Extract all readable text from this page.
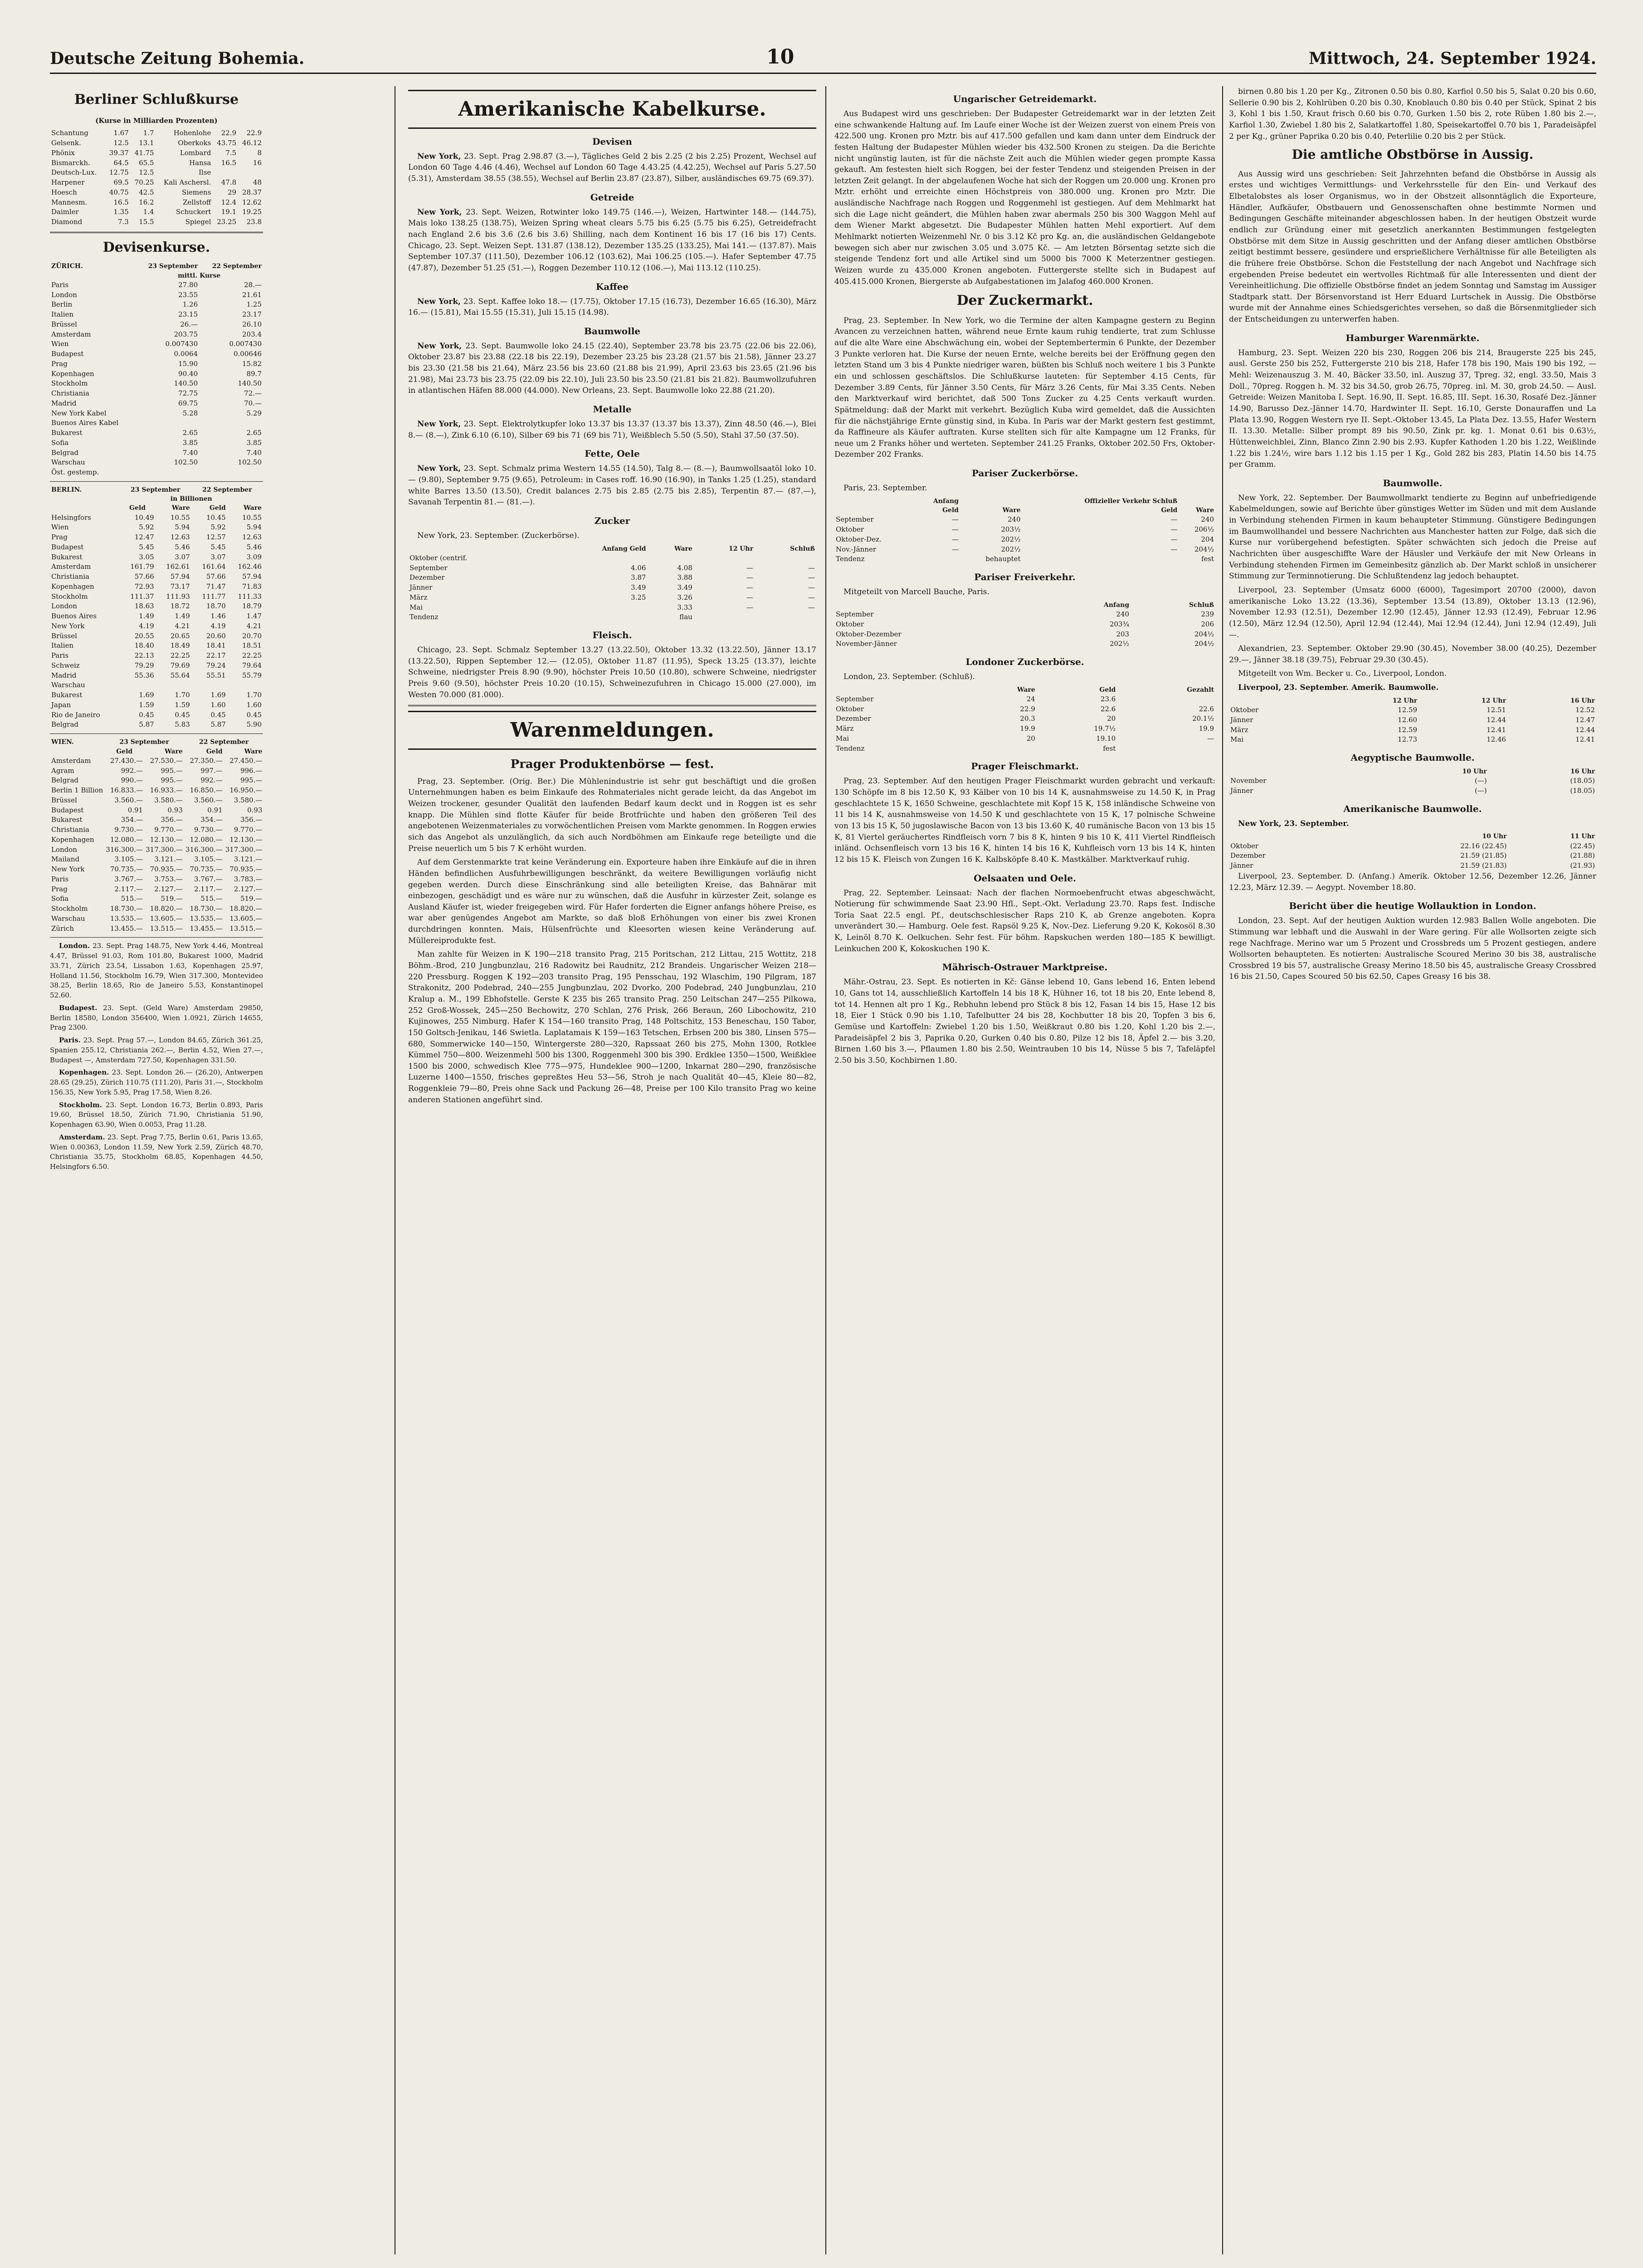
Deutsche Zeitung Bohemia.	10	Mittwoch, 24. September 1924.
Berliner Schlußkurse
(Kurse in Milliarden Prozenten)
Schantung	1.67	1.7	Hohenlohe	22.9	22.9
Gelsenk.	12.5	13.1	Oberkoks	43.75	46.12
Phönix	39.37	41.75	Lombard	7.5	8
Bismarckh.	64.5	65.5	Hansa	16.5	16
Deutsch-Lux.	12.75	12.5	Ilse		
Harpener	69.5	70.25	Kali Aschersl.	47.8	48
Hoesch	40.75	42.5	Siemens	29	28.37
Mannesm.	16.5	16.2	Zellstoff	12.4	12.62
Daimler	1.35	1.4	Schuckert	19.1	19.25
Diamond	7.3	15.5	Spiegel	23.25	23.8
Devisenkurse.
ZÜRICH.	23 September	22 September
	mittl. Kurse	
Paris	27.80	28.—
London	23.55	21.61
Berlin	1.26	1.25
Italien	23.15	23.17
Brüssel	26.—	26.10
Amsterdam	203.75	203.4
Wien	0.007430	0.007430
Budapest	0.0064	0.00646
Prag	15.90	15.82
Kopenhagen	90.40	89.7
Stockholm	140.50	140.50
Christiania	72.75	72.—
Madrid	69.75	70.—
New York Kabel	5.28	5.29
Buenos Aires Kabel		
Bukarest	2.65	2.65
Sofia	3.85	3.85
Belgrad	7.40	7.40
Warschau	102.50	102.50
Öst. gestemp.		
BERLIN.	23 September		22 September	
	in Billionen			
	Geld	Ware	Geld	Ware
Helsingfors	10.49	10.55	10.45	10.55
Wien	5.92	5.94	5.92	5.94
Prag	12.47	12.63	12.57	12.63
Budapest	5.45	5.46	5.45	5.46
Bukarest	3.05	3.07	3.07	3.09
Amsterdam	161.79	162.61	161.64	162.46
Christiania	57.66	57.94	57.66	57.94
Kopenhagen	72.93	73.17	71.47	71.83
Stockholm	111.37	111.93	111.77	111.33
London	18.63	18.72	18.70	18.79
Buenos Aires	1.49	1.49	1.46	1.47
New York	4.19	4.21	4.19	4.21
Brüssel	20.55	20.65	20.60	20.70
Italien	18.40	18.49	18.41	18.51
Paris	22.13	22.25	22.17	22.25
Schweiz	79.29	79.69	79.24	79.64
Madrid	55.36	55.64	55.51	55.79
Warschau				
Bukarest	1.69	1.70	1.69	1.70
Japan	1.59	1.59	1.60	1.60
Rio de Janeiro	0.45	0.45	0.45	0.45
Belgrad	5.87	5.83	5.87	5.90
WIEN.	23 September		22 September	
	Geld	Ware	Geld	Ware
Amsterdam	27.430.—	27.530.—	27.350.—	27.450.—
Agram	992.—	995.—	997.—	996.—
Belgrad	990.—	995.—	992.—	995.—
Berlin 1 Billion	16.833.—	16.933.—	16.850.—	16.950.—
Brüssel	3.560.—	3.580.—	3.560.—	3.580.—
Budapest	0.91	0.93	0.91	0.93
Bukarest	354.—	356.—	354.—	356.—
Christiania	9.730.—	9.770.—	9.730.—	9.770.—
Kopenhagen	12.080.—	12.130.—	12.080.—	12.130.—
London	316.300.—	317.300.—	316.300.—	317.300.—
Mailand	3.105.—	3.121.—	3.105.—	3.121.—
New York	70.735.—	70.935.—	70.735.—	70.935.—
Paris	3.767.—	3.753.—	3.767.—	3.783.—
Prag	2.117.—	2.127.—	2.117.—	2.127.—
Sofia	515.—	519.—	515.—	519.—
Stockholm	18.730.—	18.820.—	18.730.—	18.820.—
Warschau	13.535.—	13.605.—	13.535.—	13.605.—
Zürich	13.455.—	13.515.—	13.455.—	13.515.—
London. 23. Sept. Prag 148.75, New York 4.46, Montreal 4.47, Brüssel 91.03, Rom 101.80, Bukarest 1000, Madrid 33.71, Zürich 23.54, Lissabon 1.63, Kopenhagen 25.97, Holland 11.56, Stockholm 16.79, Wien 317.300, Montevideo 38.25, Berlin 18.65, Rio de Janeiro 5.53, Konstantinopel 52.60.
Budapest. 23. Sept. (Geld Ware) Amsterdam 29850, Berlin 18580, London 356400, Wien 1.0921, Zürich 14655, Prag 2300.
Paris. 23. Sept. Prag 57.—, London 84.65, Zürich 361.25, Spanien 255.12, Christiania 262.—, Berlin 4.52, Wien 27.—, Budapest —, Amsterdam 727.50, Kopenhagen 331.50.
Kopenhagen. 23. Sept. London 26.— (26.20), Antwerpen 28.65 (29.25), Zürich 110.75 (111.20), Paris 31.—, Stockholm 156.35, New York 5.95, Prag 17.58, Wien 8.26.
Stockholm. 23. Sept. London 16.73, Berlin 0.893, Paris 19.60, Brüssel 18.50, Zürich 71.90, Christiania 51.90, Kopenhagen 63.90, Wien 0.0053, Prag 11.28.
Amsterdam. 23. Sept. Prag 7.75, Berlin 0.61, Paris 13.65, Wien 0.00363, London 11.59, New York 2.59, Zürich 48.70, Christiania 35.75, Stockholm 68.85, Kopenhagen 44.50, Helsingfors 6.50.
Amerikanische Kabelkurse.
Devisen
New York, 23. Sept. Prag 2.98.87 (3.—), Tägliches Geld 2 bis 2.25 (2 bis 2.25) Prozent, Wechsel auf London 60 Tage 4.46 (4.46), Wechsel auf London 60 Tage 4.43.25 (4.42.25), Wechsel auf Paris 5.27.50 (5.31), Amsterdam 38.55 (38.55), Wechsel auf Berlin 23.87 (23.87), Silber, ausländisches 69.75 (69.37).
Getreide
New York, 23. Sept. Weizen, Rotwinter loko 149.75 (146.—), Weizen, Hartwinter 148.— (144.75), Mais loko 138.25 (138.75), Weizen Spring wheat clears 5.75 bis 6.25 (5.75 bis 6.25), Getreidefracht nach England 2.6 bis 3.6 (2.6 bis 3.6) Shilling, nach dem Kontinent 16 bis 17 (16 bis 17) Cents. Chicago, 23. Sept. Weizen Sept. 131.87 (138.12), Dezember 135.25 (133.25), Mai 141.— (137.87). Mais September 107.37 (111.50), Dezember 106.12 (103.62), Mai 106.25 (105.—). Hafer September 47.75 (47.87), Dezember 51.25 (51.—), Roggen Dezember 110.12 (106.—), Mai 113.12 (110.25).
Kaffee
New York, 23. Sept. Kaffee loko 18.— (17.75), Oktober 17.15 (16.73), Dezember 16.65 (16.30), März 16.— (15.81), Mai 15.55 (15.31), Juli 15.15 (14.98).
Baumwolle
New York, 23. Sept. Baumwolle loko 24.15 (22.40), September 23.78 bis 23.75 (22.06 bis 22.06), Oktober 23.87 bis 23.88 (22.18 bis 22.19), Dezember 23.25 bis 23.28 (21.57 bis 21.58), Jänner 23.27 bis 23.30 (21.58 bis 21.64), März 23.56 bis 23.60 (21.88 bis 21.99), April 23.63 bis 23.65 (21.96 bis 21.98), Mai 23.73 bis 23.75 (22.09 bis 22.10), Juli 23.50 bis 23.50 (21.81 bis 21.82). Baumwollzufuhren in atlantischen Häfen 88.000 (44.000). New Orleans, 23. Sept. Baumwolle loko 22.88 (21.20).
Metalle
New York, 23. Sept. Elektrolytkupfer loko 13.37 bis 13.37 (13.37 bis 13.37), Zinn 48.50 (46.—), Blei 8.— (8.—), Zink 6.10 (6.10), Silber 69 bis 71 (69 bis 71), Weißblech 5.50 (5.50), Stahl 37.50 (37.50).
Fette, Oele
New York, 23. Sept. Schmalz prima Western 14.55 (14.50), Talg 8.— (8.—), Baumwollsaatöl loko 10.— (9.80), September 9.75 (9.65), Petroleum: in Cases roff. 16.90 (16.90), in Tanks 1.25 (1.25), standard white Barres 13.50 (13.50), Credit balances 2.75 bis 2.85 (2.75 bis 2.85), Terpentin 87.— (87.—), Savanah Terpentin 81.— (81.—).
Zucker
New York, 23. September. (Zuckerbörse).
	Anfang Geld	Ware	12 Uhr	Schluß
Oktober (centrif.				
September	4.06	4.08	—	—
Dezember	3.87	3.88	—	—
Jänner	3.49	3.49	—	—
März	3.25	3.26	—	—
Mai		3.33	—	—
Tendenz		flau		
Fleisch.
Chicago, 23. Sept. Schmalz September 13.27 (13.22.50), Oktober 13.32 (13.22.50), Jänner 13.17 (13.22.50), Rippen September 12.— (12.05), Oktober 11.87 (11.95), Speck 13.25 (13.37), leichte Schweine, niedrigster Preis 8.90 (9.90), höchster Preis 10.50 (10.80), schwere Schweine, niedrigster Preis 9.60 (9.50), höchster Preis 10.20 (10.15), Schweinezufuhren in Chicago 15.000 (27.000), im Westen 70.000 (81.000).
Warenmeldungen.
Prager Produktenbörse — fest.
Prag, 23. September. (Orig. Ber.) Die Mühlenindustrie ist sehr gut beschäftigt und die großen Unternehmungen haben es beim Einkaufe des Rohmateriales nicht gerade leicht, da das Angebot im Weizen trockener, gesunder Qualität den laufenden Bedarf kaum deckt und in Roggen ist es sehr knapp. Die Mühlen sind flotte Käufer für beide Brotfrüchte und haben den größeren Teil des angebotenen Weizenmateriales zu vorwöchentlichen Preisen vom Markte genommen. In Roggen erwies sich das Angebot als unzulänglich, da sich auch Nordböhmen am Einkaufe rege beteiligte und die Preise neuerlich um 5 bis 7 K erhöht wurden.
Auf dem Gerstenmarkte trat keine Veränderung ein. Exporteure haben ihre Einkäufe auf die in ihren Händen befindlichen Ausfuhrbewilligungen beschränkt, da weitere Bewilligungen vorläufig nicht gegeben werden. Durch diese Einschränkung sind alle beteiligten Kreise, das Bahnärar mit einbezogen, geschädigt und es wäre nur zu wünschen, daß die Ausfuhr in kürzester Zeit, solange es Ausland Käufer ist, wieder freigegeben wird. Für Hafer forderten die Eigner anfangs höhere Preise, es war aber genügendes Angebot am Markte, so daß bloß Erhöhungen von einer bis zwei Kronen durchdringen konnten. Mais, Hülsenfrüchte und Kleesorten wiesen keine Veränderung auf. Müllereiprodukte fest.
Man zahlte für Weizen in K 190—218 transito Prag, 215 Poritschan, 212 Littau, 215 Wottitz, 218 Böhm.-Brod, 210 Jungbunzlau, 216 Radowitz bei Raudnitz, 212 Brandeis. Ungarischer Weizen 218—220 Pressburg. Roggen K 192—203 transito Prag, 195 Pensschau, 192 Wlaschim, 190 Pilgram, 187 Strakonitz, 200 Podebrad, 240—255 Jungbunzlau, 202 Dvorko, 200 Podebrad, 240 Jungbunzlau, 210 Kralup a. M., 199 Ebhofstelle. Gerste K 235 bis 265 transito Prag. 250 Leitschan 247—255 Pilkowa, 252 Groß-Wossek, 245—250 Bechowitz, 270 Schlan, 276 Prisk, 266 Beraun, 260 Libochowitz, 210 Kujinowes, 255 Nimburg. Hafer K 154—160 transito Prag, 148 Poltschitz, 153 Beneschau, 150 Tabor, 150 Goltsch-Jenikau, 146 Swietla. Laplatamais K 159—163 Tetschen, Erbsen 200 bis 380, Linsen 575—680, Sommerwicke 140—150, Wintergerste 280—320, Rapssaat 260 bis 275, Mohn 1300, Rotklee Kümmel 750—800. Weizenmehl 500 bis 1300, Roggenmehl 300 bis 390. Erdklee 1350—1500, Weißklee 1500 bis 2000, schwedisch Klee 775—975, Hundeklee 900—1200, Inkarnat 280—290, französische Luzerne 1400—1550, frisches gepreßtes Heu 53—56, Stroh je nach Qualität 40—45, Kleie 80—82, Roggenkleie 79—80, Preis ohne Sack und Packung 26—48, Preise per 100 Kilo transito Prag wo keine anderen Stationen angeführt sind.
Ungarischer Getreidemarkt.
Aus Budapest wird uns geschrieben: Der Budapester Getreidemarkt war in der letzten Zeit eine schwankende Haltung auf. Im Laufe einer Woche ist der Weizen zuerst von einem Preis von 422.500 ung. Kronen pro Mztr. bis auf 417.500 gefallen und kam dann unter dem Eindruck der festen Haltung der Budapester Mühlen wieder bis 432.500 Kronen zu steigen. Da die Berichte nicht ungünstig lauten, ist für die nächste Zeit auch die Mühlen wieder gegen prompte Kassa gekauft. Am festesten hielt sich Roggen, bei der fester Tendenz und steigenden Preisen in der letzten Zeit gelangt. In der abgelaufenen Woche hat sich der Roggen um 20.000 ung. Kronen pro Mztr. erhöht und erreichte einen Höchstpreis von 380.000 ung. Kronen pro Mztr. Die ausländische Nachfrage nach Roggen und Roggenmehl ist gestiegen. Auf dem Mehlmarkt hat sich die Lage nicht geändert, die Mühlen haben zwar abermals 250 bis 300 Waggon Mehl auf dem Wiener Markt abgesetzt. Die Budapester Mühlen hatten Mehl exportiert. Auf dem Mehlmarkt notierten Weizenmehl Nr. 0 bis 3.12 Kč pro Kg. an, die ausländischen Geldangebote bewegen sich aber nur zwischen 3.05 und 3.075 Kč. — Am letzten Börsentag setzte sich die steigende Tendenz fort und alle Artikel sind um 5000 bis 7000 K Meterzentner gestiegen. Weizen wurde zu 435.000 Kronen angeboten. Futtergerste stellte sich in Budapest auf 405.415.000 Kronen, Biergerste ab Aufgabestationen im Jalafog 460.000 Kronen.
Der Zuckermarkt.
Prag, 23. September. In New York, wo die Termine der alten Kampagne gestern zu Beginn Avancen zu verzeichnen hatten, während neue Ernte kaum ruhig tendierte, trat zum Schlusse auf die alte Ware eine Abschwächung ein, wobei der Septembertermin 6 Punkte, der Dezember 3 Punkte verloren hat. Die Kurse der neuen Ernte, welche bereits bei der Eröffnung gegen den letzten Stand um 3 bis 4 Punkte niedriger waren, büßten bis Schluß noch weitere 1 bis 3 Punkte ein und schlossen geschäftslos. Die Schlußkurse lauteten: für September 4.15 Cents, für Dezember 3.89 Cents, für Jänner 3.50 Cents, für März 3.26 Cents, für Mai 3.35 Cents. Neben den Marktverkauf wird berichtet, daß 500 Tons Zucker zu 4.25 Cents verkauft wurden. Spätmeldung: daß der Markt mit verkehrt. Bezüglich Kuba wird gemeldet, daß die Aussichten für die nächstjährige Ernte günstig sind, in Kuba. In Paris war der Markt gestern fest gestimmt, da Raffineure als Käufer auftraten. Kurse stellten sich für alte Kampagne um 12 Franks, für neue um 2 Franks höher und werteten. September 241.25 Franks, Oktober 202.50 Frs, Oktober-Dezember 202 Franks.
Pariser Zuckerbörse.
Paris, 23. September.
	Anfang		Offizieller Verkehr Schluß	
	Geld	Ware	Geld	Ware
September	—	240	—	240
Oktober	—	203½	—	206½
Oktober-Dez.	—	202½	—	204
Nov.-Jänner	—	202½	—	204½
Tendenz		behauptet		fest
Pariser Freiverkehr.
Mitgeteilt von Marcell Bauche, Paris.
	Anfang	Schluß
September	240	239
Oktober	203¾	206
Oktober-Dezember	203	204½
November-Jänner	202½	204½
Londoner Zuckerbörse.
London, 23. September. (Schluß).
	Ware	Geld	Gezahlt
September	24	23.6	
Oktober	22.9	22.6	22.6
Dezember	20.3	20	20.1½
März	19.9	19.7½	19.9
Mai	20	19.10	—
Tendenz		fest	
Prager Fleischmarkt.
Prag, 23. September. Auf den heutigen Prager Fleischmarkt wurden gebracht und verkauft: 130 Schöpfe im 8 bis 12.50 K, 93 Kälber von 10 bis 14 K, ausnahmsweise zu 14.50 K, in Prag geschlachtete 15 K, 1650 Schweine, geschlachtete mit Kopf 15 K, 158 inländische Schweine von 11 bis 14 K, ausnahmsweise von 14.50 K und geschlachtete von 15 K, 17 polnische Schweine von 13 bis 15 K, 50 jugoslawische Bacon von 13 bis 13.60 K, 40 rumänische Bacon von 13 bis 15 K, 81 Viertel geräuchertes Rindfleisch vorn 7 bis 8 K, hinten 9 bis 10 K, 411 Viertel Rindfleisch inländ. Ochsenfleisch vorn 13 bis 16 K, hinten 14 bis 16 K, Kuhfleisch vorn 13 bis 14 K, hinten 12 bis 15 K. Fleisch von Zungen 16 K. Kalbsköpfe 8.40 K. Mastkälber. Marktverkauf ruhig.
Oelsaaten und Oele.
Prag, 22. September. Leinsaat: Nach der flachen Normoebenfrucht etwas abgeschwächt, Notierung für schwimmende Saat 23.90 Hfl., Sept.-Okt. Verladung 23.70. Raps fest. Indische Toria Saat 22.5 engl. Pf., deutschschlesischer Raps 210 K, ab Grenze angeboten. Kopra unverändert 30.— Hamburg. Oele fest. Rapsöl 9.25 K, Nov.-Dez. Lieferung 9.20 K, Kokosöl 8.30 K, Leinöl 8.70 K. Oelkuchen. Sehr fest. Für böhm. Rapskuchen werden 180—185 K bewilligt. Leinkuchen 200 K, Kokoskuchen 190 K.
Mährisch-Ostrauer Marktpreise.
Mähr.-Ostrau, 23. Sept. Es notierten in Kč: Gänse lebend 10, Gans lebend 16, Enten lebend 10, Gans tot 14, ausschließlich Kartoffeln 14 bis 18 K, Hühner 16, tot 18 bis 20, Ente lebend 8, tot 14. Hennen alt pro 1 Kg., Rebhuhn lebend pro Stück 8 bis 12, Fasan 14 bis 15, Hase 12 bis 18, Eier 1 Stück 0.90 bis 1.10, Tafelbutter 24 bis 28, Kochbutter 18 bis 20, Topfen 3 bis 6, Gemüse und Kartoffeln: Zwiebel 1.20 bis 1.50, Weißkraut 0.80 bis 1.20, Kohl 1.20 bis 2.—, Paradeisäpfel 2 bis 3, Paprika 0.20, Gurken 0.40 bis 0.80, Pilze 12 bis 18, Äpfel 2.— bis 3.20, Birnen 1.60 bis 3.—, Pflaumen 1.80 bis 2.50, Weintrauben 10 bis 14, Nüsse 5 bis 7, Tafeläpfel 2.50 bis 3.50, Kochbirnen 1.80.
birnen 0.80 bis 1.20 per Kg., Zitronen 0.50 bis 0.80, Karfiol 0.50 bis 5, Salat 0.20 bis 0.60, Sellerie 0.90 bis 2, Kohlrüben 0.20 bis 0.30, Knoblauch 0.80 bis 0.40 per Stück, Spinat 2 bis 3, Kohl 1 bis 1.50, Kraut frisch 0.60 bis 0.70, Gurken 1.50 bis 2, rote Rüben 1.80 bis 2.—, Karfiol 1.30, Zwiebel 1.80 bis 2, Salatkartoffel 1.80, Speisekartoffel 0.70 bis 1, Paradeisäpfel 2 per Kg., grüner Paprika 0.20 bis 0.40, Peterlilie 0.20 bis 2 per Stück.
Die amtliche Obstbörse in Aussig.
Aus Aussig wird uns geschrieben: Seit Jahrzehnten befand die Obstbörse in Aussig als erstes und wichtiges Vermittlungs- und Verkehrsstelle für den Ein- und Verkauf des Elbetalobstes als loser Organismus, wo in der Obstzeit allsonntäglich die Exporteure, Händler, Aufkäufer, Obstbauern und Genossenschaften ohne bestimmte Normen und Bedingungen Geschäfte miteinander abgeschlossen haben. In der heutigen Obstzeit wurde endlich zur Gründung einer mit gesetzlich anerkannten Bestimmungen festgelegten Obstbörse mit dem Sitze in Aussig geschritten und der Anfang dieser amtlichen Obstbörse zeitigt bestimmt bessere, gesündere und ersprießlichere Verhältnisse für alle Beteiligten als die frühere freie Obstbörse. Schon die Feststellung der nach Angebot und Nachfrage sich ergebenden Preise bedeutet ein wertvolles Richtmaß für alle Interessenten und dient der Vereinheitlichung. Die offizielle Obstbörse findet an jedem Sonntag und Samstag im Aussiger Stadtpark statt. Der Börsenvorstand ist Herr Eduard Lurtschek in Aussig. Die Obstbörse wurde mit der Annahme eines Schiedsgerichtes versehen, so daß die Börsenmitglieder sich der Entscheidungen zu unterwerfen haben.
Hamburger Warenmärkte.
Hamburg, 23. Sept. Weizen 220 bis 230, Roggen 206 bis 214, Braugerste 225 bis 245, ausl. Gerste 250 bis 252, Futtergerste 210 bis 218, Hafer 178 bis 190, Mais 190 bis 192, — Mehl: Weizenauszug 3. M. 40, Bäcker 33.50, inl. Auszug 37, Tpreg. 32, engl. 33.50, Mais 3 Doll., 70preg. Roggen h. M. 32 bis 34.50, grob 26.75, 70preg. inl. M. 30, grob 24.50. — Ausl. Getreide: Weizen Manitoba I. Sept. 16.90, II. Sept. 16.85, III. Sept. 16.30, Rosafé Dez.-Jänner 14.90, Barusso Dez.-Jänner 14.70, Hardwinter II. Sept. 16.10, Gerste Donauraffen und La Plata 13.90, Roggen Western rye II. Sept.-Oktober 13.45, La Plata Dez. 13.55, Hafer Western II. 13.30. Metalle: Silber prompt 89 bis 90.50, Zink pr. kg. 1. Monat 0.61 bis 0.63½, Hüttenweichblei, Zinn, Blanco Zinn 2.90 bis 2.93. Kupfer Kathoden 1.20 bis 1.22, Weißlinde 1.22 bis 1.24½, wire bars 1.12 bis 1.15 per 1 Kg., Gold 282 bis 283, Platin 14.50 bis 14.75 per Gramm.
Baumwolle.
New York, 22. September. Der Baumwollmarkt tendierte zu Beginn auf unbefriedigende Kabelmeldungen, sowie auf Berichte über günstiges Wetter im Süden und mit dem Auslande in Verbindung stehenden Firmen in kaum behaupteter Stimmung. Günstigere Bedingungen im Baumwollhandel und bessere Nachrichten aus Manchester hatten zur Folge, daß sich die Kurse nur vorübergehend befestigten. Später schwächten sich jedoch die Preise auf Nachrichten über ausgeschiffte Ware der Häusler und Verkäufe der mit New Orleans in Verbindung stehenden Firmen im Gemeinbesitz gänzlich ab. Der Markt schloß in unsicherer Stimmung zur Terminnotierung. Die Schlußtendenz lag jedoch behauptet.
Liverpool, 23. September (Umsatz 6000 (6000), Tagesimport 20700 (2000), davon amerikanische Loko 13.22 (13.36), September 13.54 (13.89), Oktober 13.13 (12.96), November 12.93 (12.51), Dezember 12.90 (12.45), Jänner 12.93 (12.49), Februar 12.96 (12.50), März 12.94 (12.50), April 12.94 (12.44), Mai 12.94 (12.44), Juni 12.94 (12.49), Juli —.
Alexandrien, 23. September. Oktober 29.90 (30.45), November 38.00 (40.25), Dezember 29.—, Jänner 38.18 (39.75), Februar 29.30 (30.45).
Mitgeteilt von Wm. Becker u. Co., Liverpool, London.
Liverpool, 23. September. Amerik. Baumwolle.
	12 Uhr	12 Uhr	16 Uhr
Oktober	12.59	12.51	12.52
Jänner	12.60	12.44	12.47
März	12.59	12.41	12.44
Mai	12.73	12.46	12.41
Aegyptische Baumwolle.
	10 Uhr	16 Uhr
November	(—)	(18.05)
Jänner	(—)	(18.05)
Amerikanische Baumwolle.
New York, 23. September.
	10 Uhr	11 Uhr
Oktober	22.16 (22.45)	(22.45)
Dezember	21.59 (21.85)	(21.88)
Jänner	21.59 (21.83)	(21.93)
Liverpool, 23. September. D. (Anfang.) Amerik. Oktober 12.56, Dezember 12.26, Jänner 12.23, März 12.39. — Aegypt. November 18.80.
Bericht über die heutige Wollauktion in London.
London, 23. Sept. Auf der heutigen Auktion wurden 12.983 Ballen Wolle angeboten. Die Stimmung war lebhaft und die Auswahl in der Ware gering. Für alle Wollsorten zeigte sich rege Nachfrage. Merino war um 5 Prozent und Crossbreds um 5 Prozent gestiegen, andere Wollsorten behaupteten. Es notierten: Australische Scoured Merino 30 bis 38, australische Crossbred 19 bis 57, australische Greasy Merino 18.50 bis 45, australische Greasy Crossbred 16 bis 21.50, Capes Scoured 50 bis 62.50, Capes Greasy 16 bis 38.
